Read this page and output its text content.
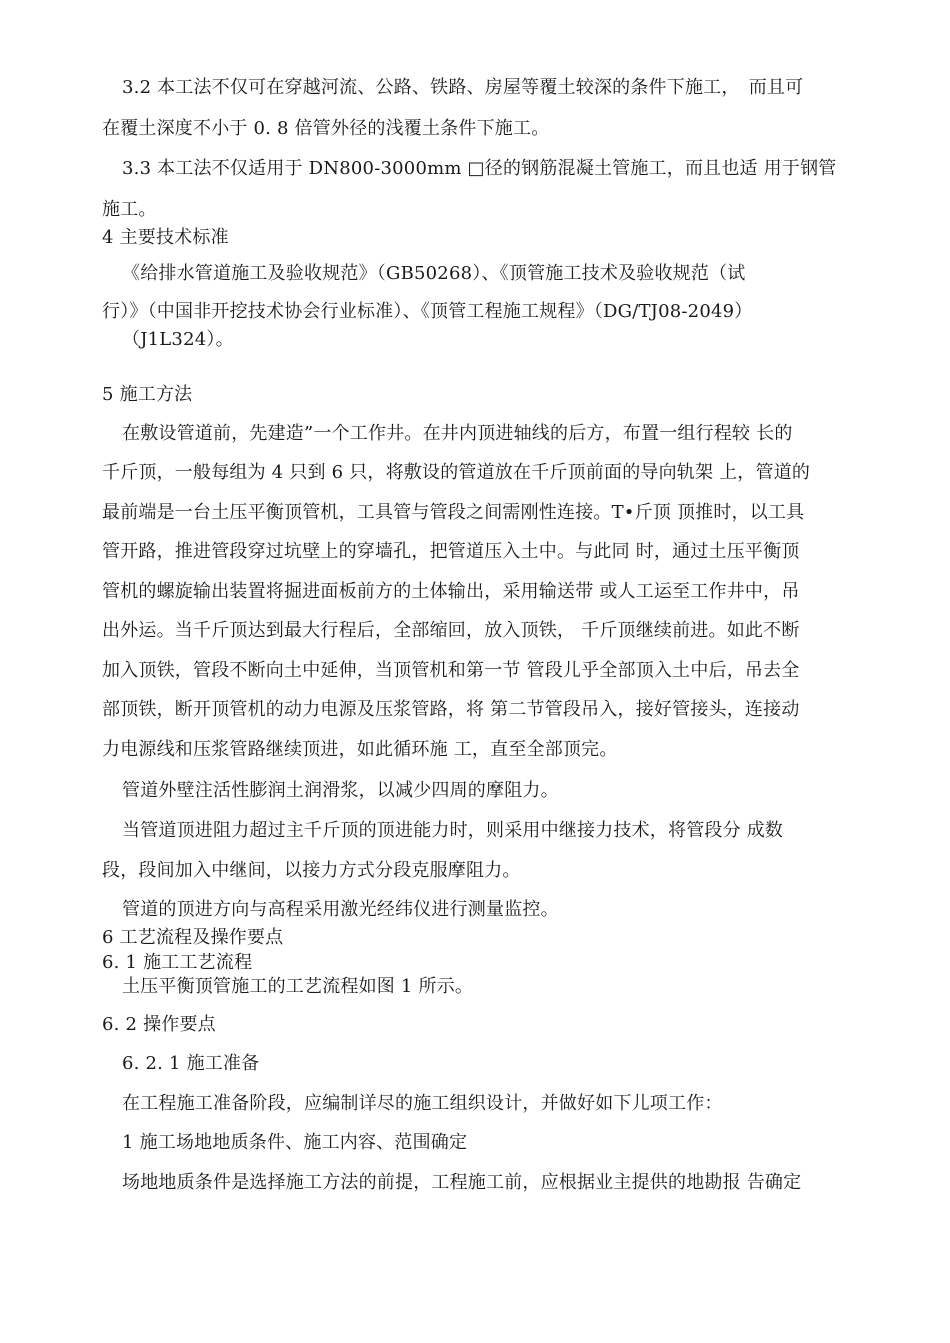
3.2 本工法不仅可在穿越河流、公路、铁路、房屋等覆土较深的条件下施工，　而且可
在覆土深度不小于 0. 8 倍管外径的浅覆土条件下施工。
3.3 本工法不仅适用于 DN800-3000mm □径的钢筋混凝土管施工，而且也适 用于钢管
施工。
4 主要技术标准
《给排水管道施工及验收规范》（GB50268）、《顶管施工技术及验收规范（试
行）》（中国非开挖技术协会行业标准）、《顶管工程施工规程》（DG/TJ08-2049）
（J1L324）。
5 施工方法
在敷设管道前，先建造”一个工作井。在井内顶进轴线的后方，布置一组行程较 长的
千斤顶，一般每组为 4 只到 6 只，将敷设的管道放在千斤顶前面的导向轨架 上，管道的
最前端是一台土压平衡顶管机，工具管与管段之间需刚性连接。T•斤顶 顶推时，以工具
管开路，推进管段穿过坑壁上的穿墙孔，把管道压入土中。与此同 时，通过土压平衡顶
管机的螺旋输出装置将掘进面板前方的土体输出，采用输送带 或人工运至工作井中，吊
出外运。当千斤顶达到最大行程后，全部缩回，放入顶铁， 千斤顶继续前进。如此不断
加入顶铁，管段不断向土中延伸，当顶管机和第一节 管段儿乎全部顶入土中后，吊去全
部顶铁，断开顶管机的动力电源及压浆管路，将 第二节管段吊入，接好管接头，连接动
力电源线和压浆管路继续顶进，如此循环施 工，直至全部顶完。
管道外壁注活性膨润土润滑浆，以减少四周的摩阻力。
当管道顶进阻力超过主千斤顶的顶进能力时，则采用中继接力技术，将管段分 成数
段，段间加入中继间，以接力方式分段克服摩阻力。
管道的顶进方向与高程采用激光经纬仪进行测量监控。
6 工艺流程及操作要点
6. 1 施工工艺流程
土压平衡顶管施工的工艺流程如图 1 所示。
6. 2 操作要点
6. 2. 1 施工准备
在工程施工准备阶段，应编制详尽的施工组织设计，并做好如下儿项工作：
1 施工场地地质条件、施工内容、范围确定
场地地质条件是选择施工方法的前提，工程施工前，应根据业主提供的地勘报 告确定
